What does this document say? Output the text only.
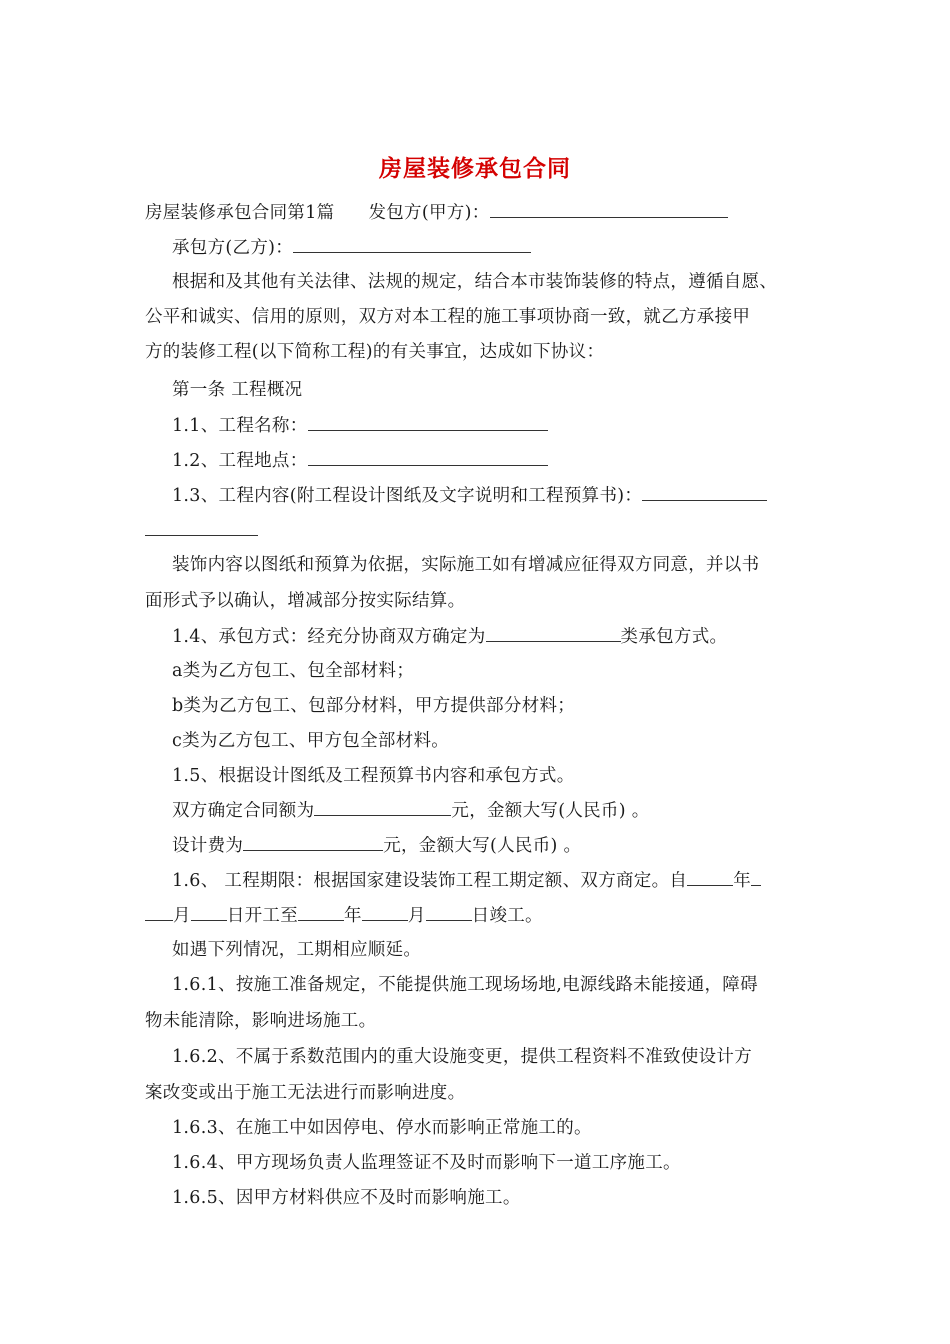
房屋装修承包合同
房屋装修承包合同第1篇 发包方(甲方)：
承包方(乙方)：
根据和及其他有关法律、法规的规定，结合本市装饰装修的特点，遵循自愿、
公平和诚实、信用的原则，双方对本工程的施工事项协商一致，就乙方承接甲
方的装修工程(以下简称工程)的有关事宜，达成如下协议：
第一条 工程概况
1.1、工程名称：
1.2、工程地点：
1.3、工程内容(附工程设计图纸及文字说明和工程预算书)：
装饰内容以图纸和预算为依据，实际施工如有增减应征得双方同意，并以书
面形式予以确认，增减部分按实际结算。
1.4、承包方式：经充分协商双方确定为	类承包方式。
a类为乙方包工、包全部材料；
b类为乙方包工、包部分材料，甲方提供部分材料；
c类为乙方包工、甲方包全部材料。
1.5、根据设计图纸及工程预算书内容和承包方式。
双方确定合同额为	元，金额大写(人民币) 。
设计费为	元，金额大写(人民币) 。
1.6、 工程期限：根据国家建设装饰工程工期定额、双方商定。自	年
月 日开工至	年	月	日竣工。
如遇下列情况，工期相应顺延。
1.6.1、按施工准备规定，不能提供施工现场场地,电源线路未能接通，障碍
物未能清除，影响进场施工。
1.6.2、不属于系数范围内的重大设施变更，提供工程资料不准致使设计方
案改变或出于施工无法进行而影响进度。
1.6.3、在施工中如因停电、停水而影响正常施工的。
1.6.4、甲方现场负责人监理签证不及时而影响下一道工序施工。
1.6.5、因甲方材料供应不及时而影响施工。
